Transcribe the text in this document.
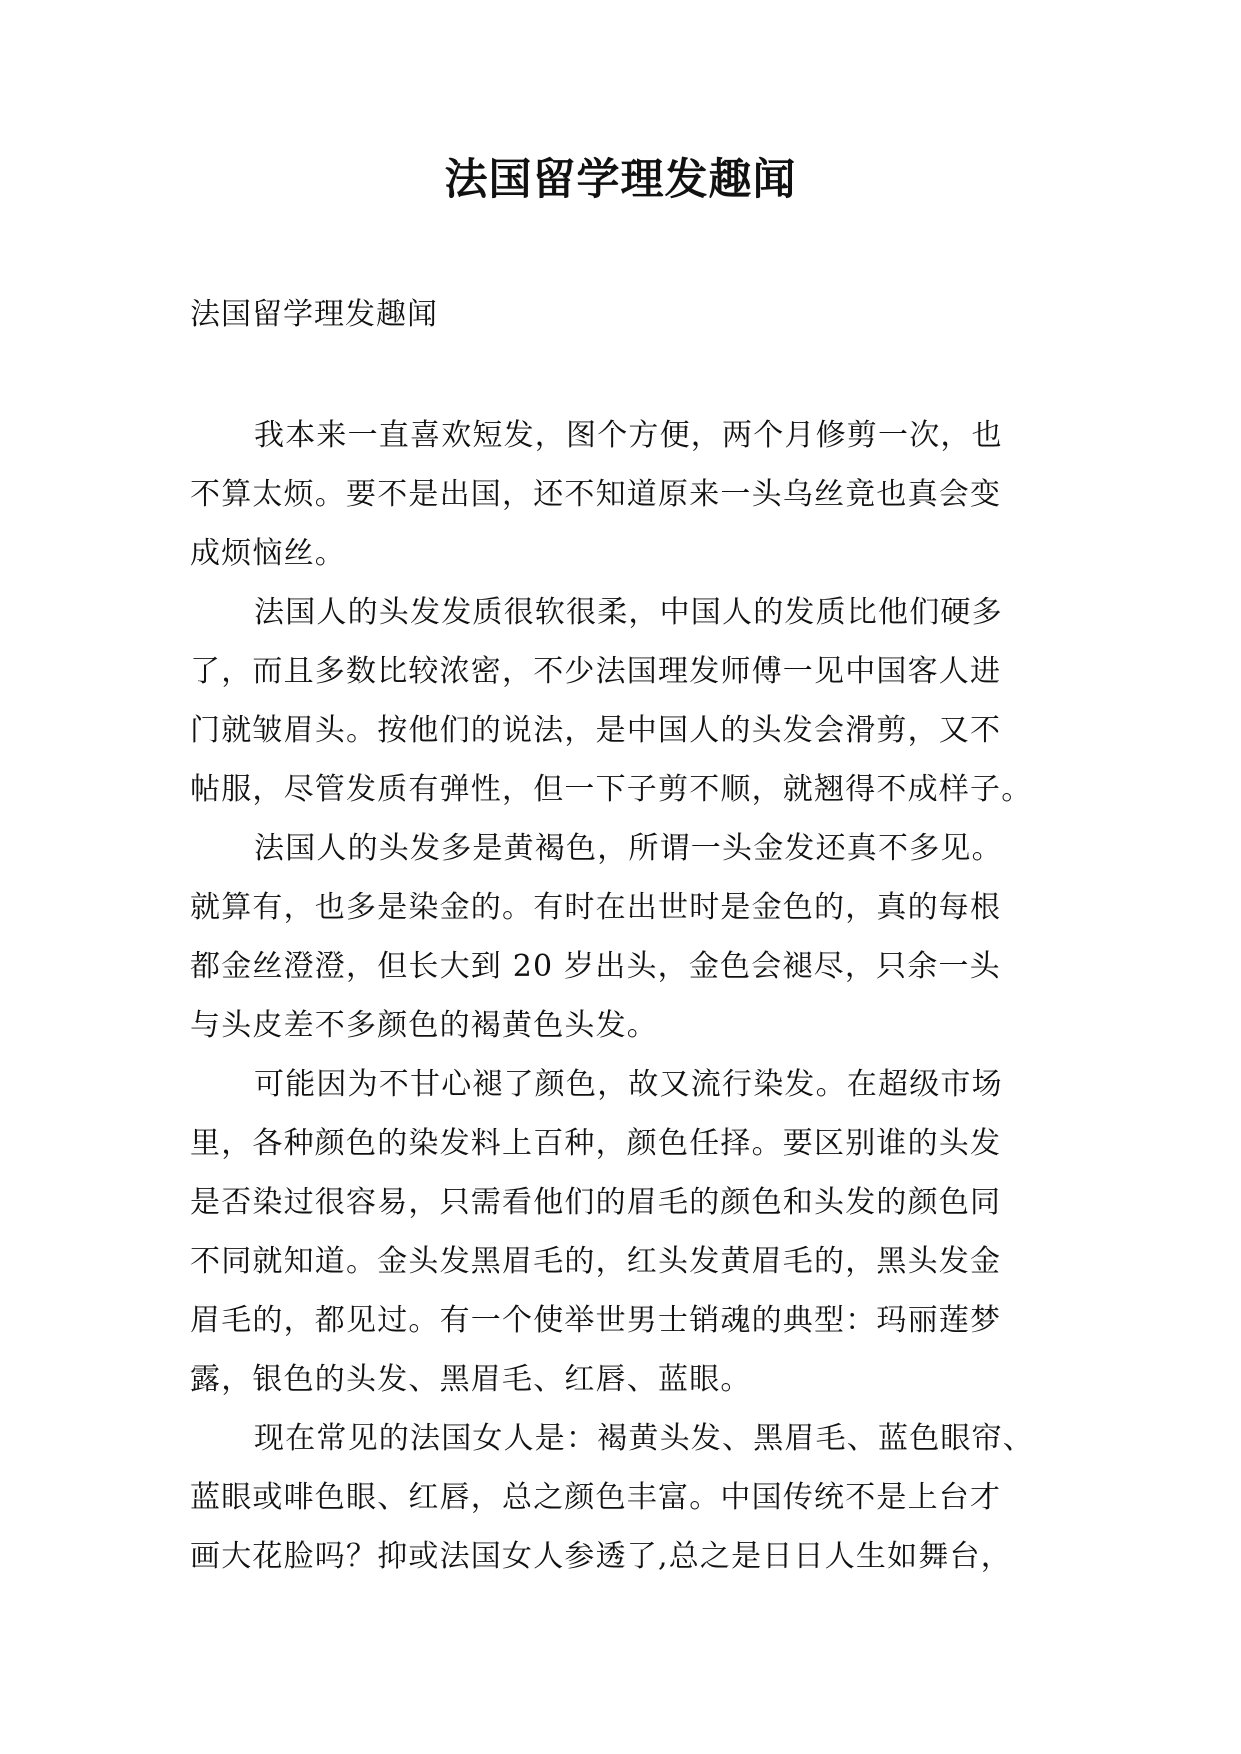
法国留学理发趣闻

法国留学理发趣闻

我本来一直喜欢短发，图个方便，两个月修剪一次，也
不算太烦。要不是出国，还不知道原来一头乌丝竟也真会变
成烦恼丝。

法国人的头发发质很软很柔，中国人的发质比他们硬多
了，而且多数比较浓密，不少法国理发师傅一见中国客人进
门就皱眉头。按他们的说法，是中国人的头发会滑剪，又不
帖服，尽管发质有弹性，但一下子剪不顺，就翘得不成样子。

法国人的头发多是黄褐色，所谓一头金发还真不多见。
就算有，也多是染金的。有时在出世时是金色的，真的每根
都金丝澄澄，但长大到 20 岁出头，金色会褪尽，只余一头
与头皮差不多颜色的褐黄色头发。

可能因为不甘心褪了颜色，故又流行染发。在超级市场
里，各种颜色的染发料上百种，颜色任择。要区别谁的头发
是否染过很容易，只需看他们的眉毛的颜色和头发的颜色同
不同就知道。金头发黑眉毛的，红头发黄眉毛的，黑头发金
眉毛的，都见过。有一个使举世男士销魂的典型：玛丽莲梦
露，银色的头发、黑眉毛、红唇、蓝眼。

现在常见的法国女人是：褐黄头发、黑眉毛、蓝色眼帘、
蓝眼或啡色眼、红唇，总之颜色丰富。中国传统不是上台才
画大花脸吗？抑或法国女人参透了,总之是日日人生如舞台，
